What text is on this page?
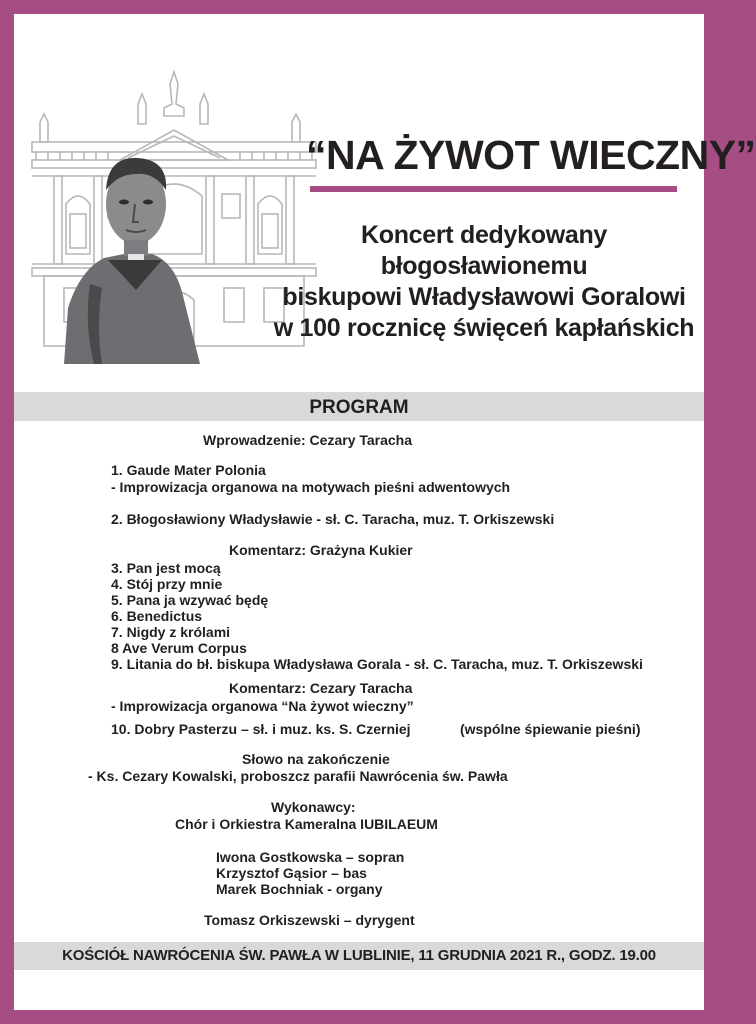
“NA ŻYWOT WIECZNY”
Koncert dedykowany
błogosławionemu
biskupowi Władysławowi Goralowi
w 100 rocznicę święceń kapłańskich
PROGRAM
Wprowadzenie: Cezary Taracha
1. Gaude Mater Polonia
- Improwizacja organowa na motywach pieśni adwentowych
2. Błogosławiony Władysławie - sł. C. Taracha, muz. T. Orkiszewski
Komentarz: Grażyna Kukier
3. Pan jest mocą
4. Stój przy mnie
5. Pana ja wzywać będę
6. Benedictus
7. Nigdy z królami
8 Ave Verum Corpus
9. Litania do bł. biskupa Władysława Gorala - sł. C. Taracha, muz. T. Orkiszewski
Komentarz: Cezary Taracha
- Improwizacja organowa “Na żywot wieczny”
10. Dobry Pasterzu – sł. i muz. ks. S. Czerniej	(wspólne śpiewanie pieśni)
Słowo na zakończenie
- Ks. Cezary Kowalski, proboszcz parafii Nawrócenia św. Pawła
Wykonawcy:
Chór i Orkiestra Kameralna IUBILAEUM
Iwona Gostkowska – sopran
Krzysztof Gąsior – bas
Marek Bochniak - organy
Tomasz Orkiszewski – dyrygent
KOŚCIÓŁ NAWRÓCENIA ŚW. PAWŁA W LUBLINIE, 11 GRUDNIA 2021 R., GODZ. 19.00
